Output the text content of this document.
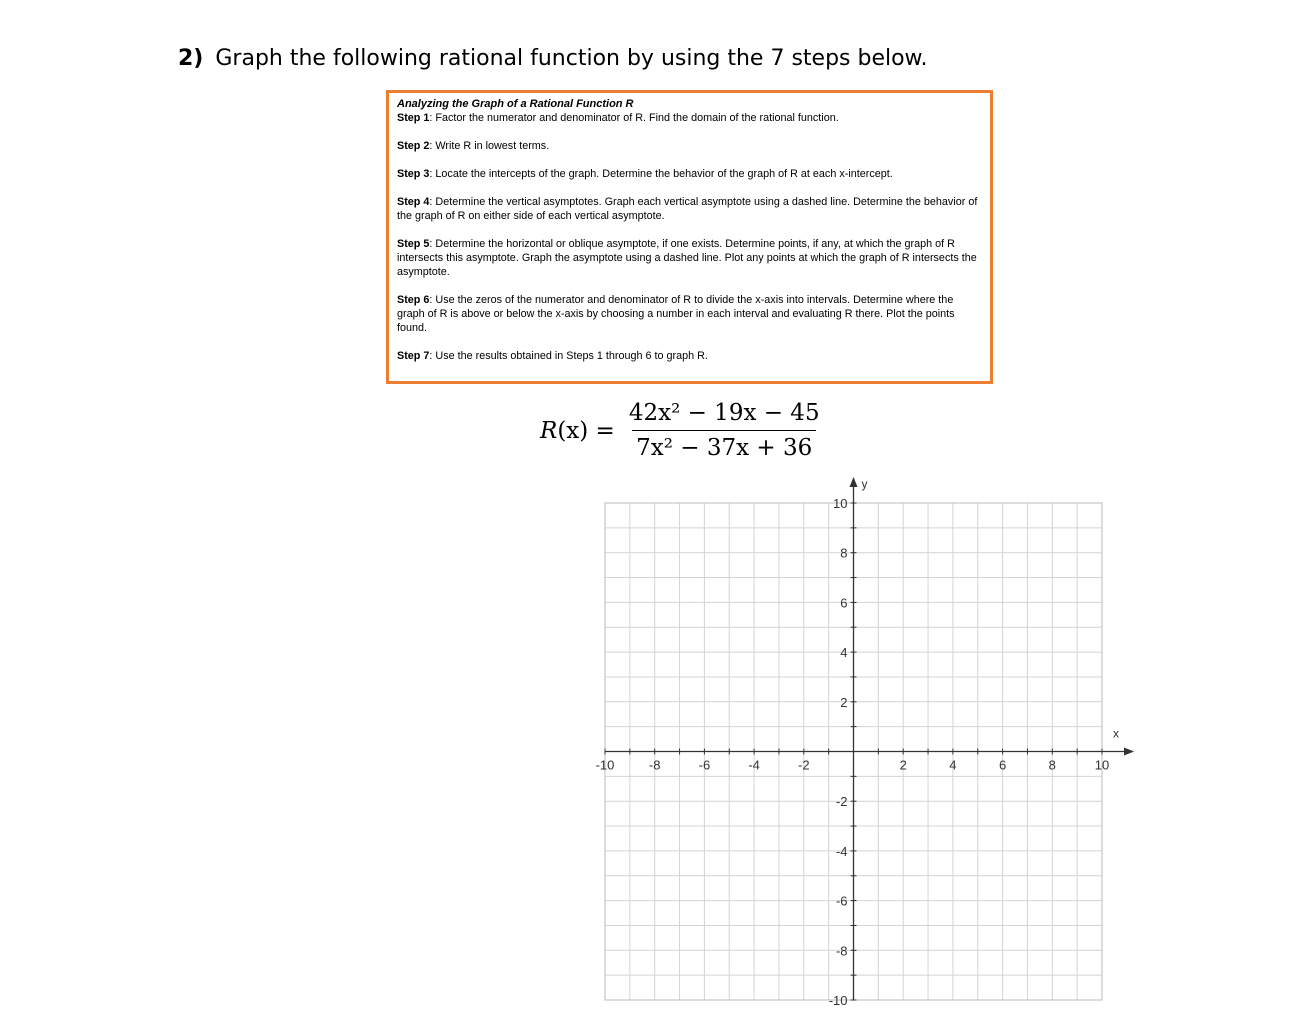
2) Graph the following rational function by using the 7 steps below.
Analyzing the Graph of a Rational Function R
Step 1: Factor the numerator and denominator of R. Find the domain of the rational function.
Step 2: Write R in lowest terms.
Step 3: Locate the intercepts of the graph. Determine the behavior of the graph of R at each x-intercept.
Step 4: Determine the vertical asymptotes. Graph each vertical asymptote using a dashed line. Determine the behavior of the graph of R on either side of each vertical asymptote.
Step 5: Determine the horizontal or oblique asymptote, if one exists. Determine points, if any, at which the graph of R intersects this asymptote. Graph the asymptote using a dashed line. Plot any points at which the graph of R intersects the asymptote.
Step 6: Use the zeros of the numerator and denominator of R to divide the x-axis into intervals. Determine where the graph of R is above or below the x-axis by choosing a number in each interval and evaluating R there. Plot the points found.
Step 7: Use the results obtained in Steps 1 through 6 to graph R.
$R(x) = \frac{\text{42x² − 19x − 45}}{\text{7x² − 37x + 36}}$
-10	-8	-6	-4	-2	2	4	6	8	10
10
8
6
4
2
-2
-4
-6
-8
-10
x
y
